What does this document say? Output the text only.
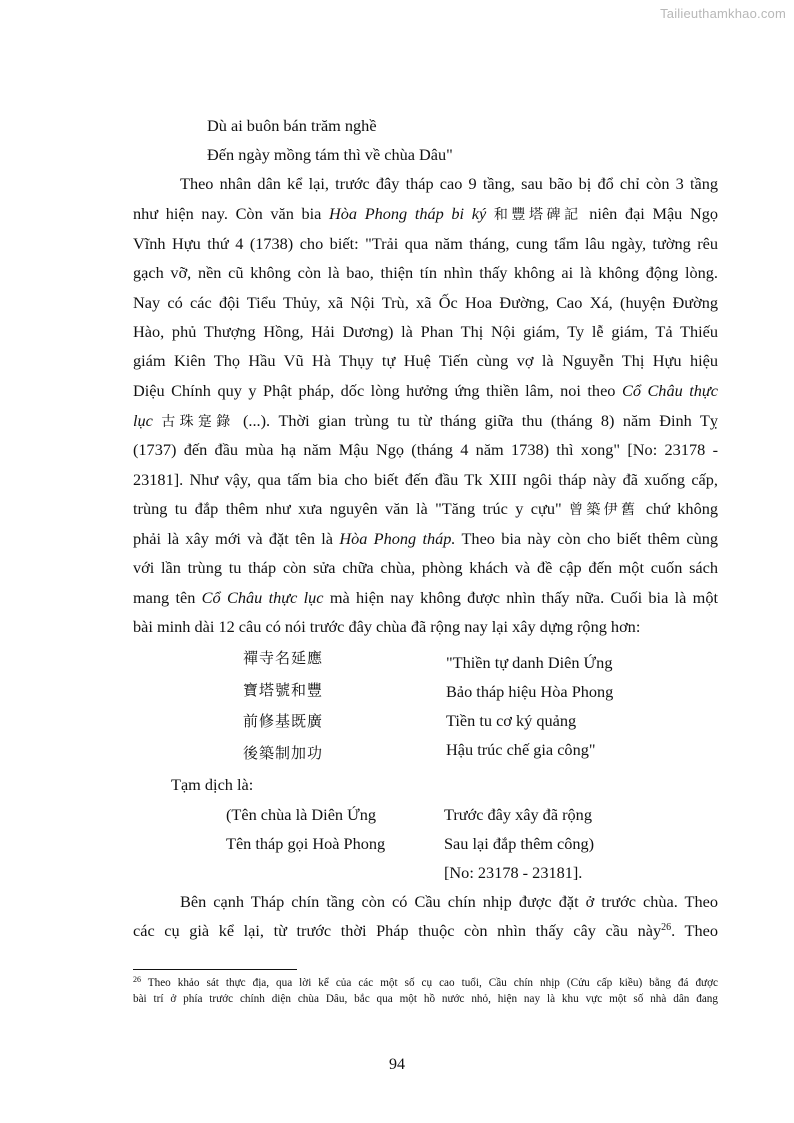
Tailieuthamkhao.com
Dù ai buôn bán trăm nghề
Đến ngày mồng tám thì về chùa Dâu"
Theo nhân dân kể lại, trước đây tháp cao 9 tầng, sau bão bị đổ chỉ còn 3 tầng
như hiện nay. Còn văn bia Hòa Phong tháp bi ký 和豐塔碑記 niên đại Mậu Ngọ
Vĩnh Hựu thứ 4 (1738) cho biết: "Trải qua năm tháng, cung tẩm lâu ngày, tường rêu
gạch vỡ, nền cũ không còn là bao, thiện tín nhìn thấy không ai là không động lòng.
Nay có các đội Tiểu Thủy, xã Nội Trù, xã Ốc Hoa Đường, Cao Xá, (huyện Đường
Hào, phủ Thượng Hồng, Hải Dương) là Phan Thị Nội giám, Ty lễ giám, Tả Thiếu
giám Kiên Thọ Hầu Vũ Hà Thụy tự Huệ Tiến cùng vợ là Nguyễn Thị Hựu hiệu
Diệu Chính quy y Phật pháp, dốc lòng hưởng ứng thiền lâm, noi theo Cổ Châu thực
lục 古珠寔錄 (...). Thời gian trùng tu từ tháng giữa thu (tháng 8) năm Đinh Tỵ
(1737) đến đầu mùa hạ năm Mậu Ngọ (tháng 4 năm 1738) thì xong" [No: 23178 -
23181]. Như vậy, qua tấm bia cho biết đến đầu Tk XIII ngôi tháp này đã xuống cấp,
trùng tu đắp thêm như xưa nguyên văn là "Tăng trúc y cựu" 曾築伊舊 chứ không
phải là xây mới và đặt tên là Hòa Phong tháp. Theo bia này còn cho biết thêm cùng
với lần trùng tu tháp còn sửa chữa chùa, phòng khách và đề cập đến một cuốn sách
mang tên Cổ Châu thực lục mà hiện nay không được nhìn thấy nữa. Cuối bia là một
bài minh dài 12 câu có nói trước đây chùa đã rộng nay lại xây dựng rộng hơn:
禪寺名延應
寶塔號和豐
前修基既廣
後築制加功
"Thiền tự danh Diên Ứng
Bảo tháp hiệu Hòa Phong
Tiền tu cơ ký quảng
Hậu trúc chế gia công"
Tạm dịch là:
(Tên chùa là Diên Ứng
Tên tháp gọi Hoà Phong
Trước đây xây đã rộng
Sau lại đắp thêm công)
[No: 23178 - 23181].
Bên cạnh Tháp chín tầng còn có Cầu chín nhịp được đặt ở trước chùa. Theo
các cụ già kể lại, từ trước thời Pháp thuộc còn nhìn thấy cây cầu này$^{26}$. Theo
$^{26}$ Theo khảo sát thực địa, qua lời kể của các một số cụ cao tuổi, Cầu chín nhịp (Cửu cấp kiều) bằng đá được
bài trí ở phía trước chính diện chùa Dâu, bắc qua một hồ nước nhỏ, hiện nay là khu vực một số nhà dân đang
94
